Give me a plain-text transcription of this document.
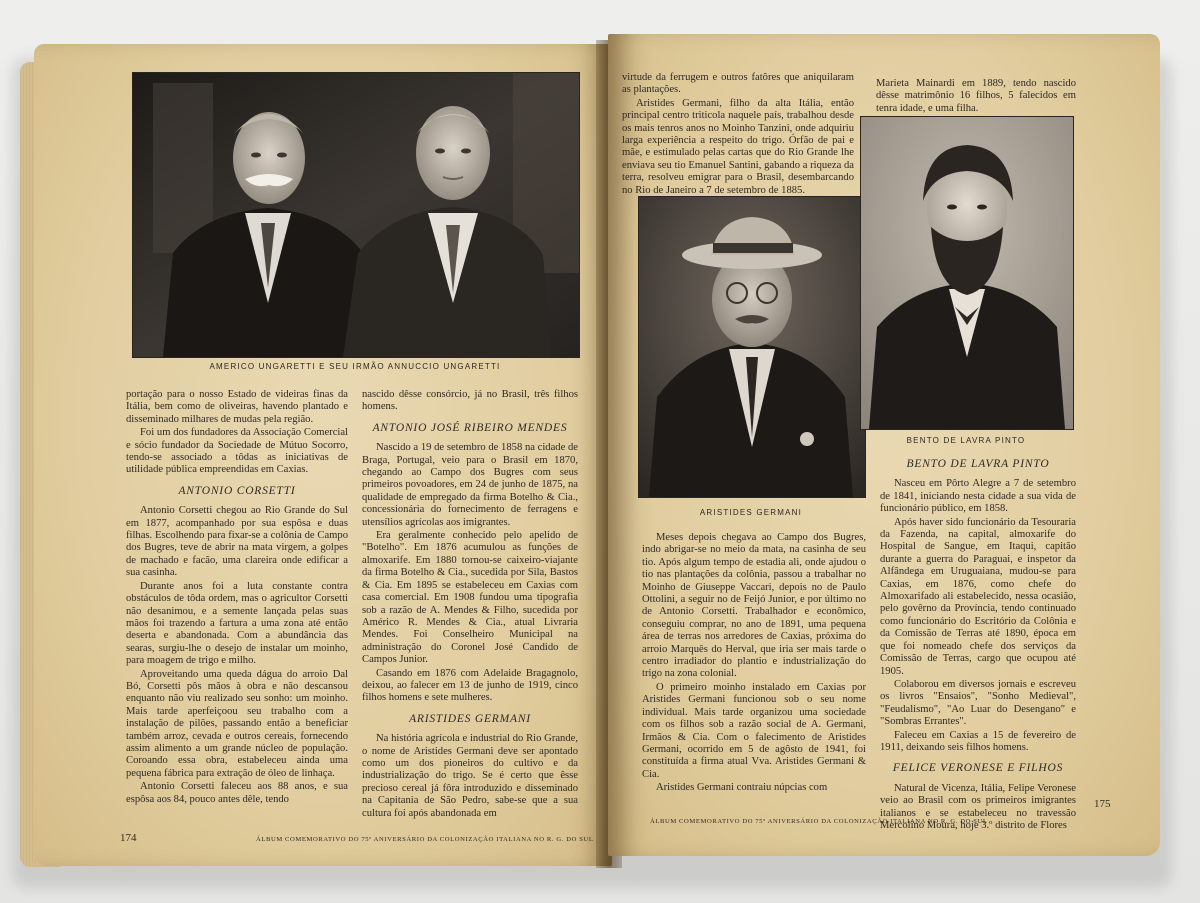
AMERICO UNGARETTI E SEU IRMÃO ANNUCCIO UNGARETTI

portação para o nosso Estado de videiras finas da Itália, bem como de oliveiras, havendo plantado e disseminado milhares de mudas pela região.

Foi um dos fundadores da Associação Comercial e sócio fundador da Sociedade de Mútuo Socorro, tendo-se associado a tôdas as iniciativas de utilidade pública empreendidas em Caxias.

ANTONIO CORSETTI

Antonio Corsetti chegou ao Rio Grande do Sul em 1877, acompanhado por sua espôsa e duas filhas. Escolhendo para fixar-se a colônia de Campo dos Bugres, teve de abrir na mata virgem, a golpes de machado e facão, uma clareira onde edificar a sua casinha.

Durante anos foi a luta constante contra obstáculos de tôda ordem, mas o agricultor Corsetti não desanimou, e a semente lançada pelas suas mãos foi trazendo a fartura a uma zona até então deserta e abandonada. Com a abundância das searas, surgiu-lhe o desejo de instalar um moinho, para moagem de trigo e milho.

Aproveitando uma queda dágua do arroio Dal Bó, Corsetti pôs mãos à obra e não descansou enquanto não viu realizado seu sonho: um moinho. Mais tarde aperfeiçoou seu trabalho com a instalação de pilões, passando então a beneficiar também arroz, cevada e outros cereais, fornecendo assim alimento a um grande núcleo de população. Coroando essa obra, estabeleceu ainda uma pequena fábrica para extração de óleo de linhaça.

Antonio Corsetti faleceu aos 88 anos, e sua espôsa aos 84, pouco antes dêle, tendo

nascido dêsse consórcio, já no Brasil, três filhos homens.

ANTONIO JOSÉ RIBEIRO MENDES

Nascido a 19 de setembro de 1858 na cidade de Braga, Portugal, veio para o Brasil em 1870, chegando ao Campo dos Bugres com seus primeiros povoadores, em 24 de junho de 1875, na qualidade de empregado da firma Botelho & Cia., concessionária do fornecimento de ferragens e utensílios agrícolas aos imigrantes.

Era geralmente conhecido pelo apelido de "Botelho". Em 1876 acumulou as funções de almoxarife. Em 1880 tornou-se caixeiro-viajante da firma Botelho & Cia., sucedida por Sila, Bastos & Cia. Em 1895 se estabeleceu em Caxias com casa comercial. Em 1908 fundou uma tipografia sob a razão de A. Mendes & Filho, sucedida por Américo R. Mendes & Cia., atual Livraria Mendes. Foi Conselheiro Municipal na administração do Coronel José Candido de Campos Junior.

Casando em 1876 com Adelaide Bragagnolo, deixou, ao falecer em 13 de junho de 1919, cinco filhos homens e sete mulheres.

ARISTIDES GERMANI

Na história agrícola e industrial do Rio Grande, o nome de Aristides Germani deve ser apontado como um dos pioneiros do cultivo e da industrialização do trigo. Se é certo que êsse precioso cereal já fôra introduzido e disseminado na Capitania de São Pedro, sabe-se que a sua cultura foi após abandonada em

174	ÁLBUM COMEMORATIVO DO 75º ANIVERSÁRIO DA COLONIZAÇÃO ITALIANA NO R. G. DO SUL

virtude da ferrugem e outros fatôres que aniquilaram as plantações.

Aristides Germani, filho da alta Itália, então principal centro triticola naquele país, trabalhou desde os mais tenros anos no Moinho Tanzini, onde adquiriu larga experiência a respeito do trigo. Órfão de pai e mãe, e estimulado pelas cartas que do Rio Grande lhe enviava seu tio Emanuel Santini, gabando a riqueza da terra, resolveu emigrar para o Brasil, desembarcando no Rio de Janeiro a 7 de setembro de 1885.

ARISTIDES GERMANI

Meses depois chegava ao Campo dos Bugres, indo abrigar-se no meio da mata, na casinha de seu tio. Após algum tempo de estadia ali, onde ajudou o tio nas plantações da colônia, passou a trabalhar no Moinho de Giuseppe Vaccari, depois no de Paulo Ottolini, a seguir no de Feijó Junior, e por último no de Antonio Corsetti. Trabalhador e econômico, conseguiu comprar, no ano de 1891, uma pequena área de terras nos arredores de Caxias, próxima do arroio Marquês do Herval, que iria ser mais tarde o centro irradiador do plantio e industrialização do trigo na zona colonial.

O primeiro moinho instalado em Caxias por Aristides Germani funcionou sob o seu nome individual. Mais tarde organizou uma sociedade com os filhos sob a razão social de A. Germani, Irmãos & Cia. Com o falecimento de Aristides Germani, ocorrido em 5 de agôsto de 1941, foi constituída a firma atual Vva. Aristides Germani & Cia.

Aristides Germani contraiu núpcias com

Marieta Mainardi em 1889, tendo nascido dêsse matrimônio 16 filhos, 5 falecidos em tenra idade, e uma filha.

BENTO DE LAVRA PINTO
BENTO DE LAVRA PINTO

Nasceu em Pôrto Alegre a 7 de setembro de 1841, iniciando nesta cidade a sua vida de funcionário público, em 1858.

Após haver sido funcionário da Tesouraria da Fazenda, na capital, almoxarife do Hospital de Sangue, em Itaqui, capitão durante a guerra do Paraguai, e inspetor da Alfândega em Uruguaiana, mudou-se para Caxias, em 1876, como chefe do Almoxarifado ali estabelecido, nessa ocasião, pelo govêrno da Província, tendo continuado como funcionário do Escritório da Colônia e da Comissão de Terras até 1890, época em que foi nomeado chefe dos serviços da Comissão de Terras, cargo que ocupou até 1905.

Colaborou em diversos jornais e escreveu os livros "Ensaios", "Sonho Medieval", "Feudalismo", "Ao Luar do Desengano" e "Sombras Errantes".

Faleceu em Caxias a 15 de fevereiro de 1911, deixando seis filhos homens.

FELICE VERONESE E FILHOS

Natural de Vicenza, Itália, Felipe Veronese veio ao Brasil com os primeiros imigrantes italianos e se estabeleceu no travessão Mercolino Moura, hoje 3.º distrito de Flores

ÁLBUM COMEMORATIVO DO 75º ANIVERSÁRIO DA COLONIZAÇÃO ITALIANA NO R. G. DO SUL
175
